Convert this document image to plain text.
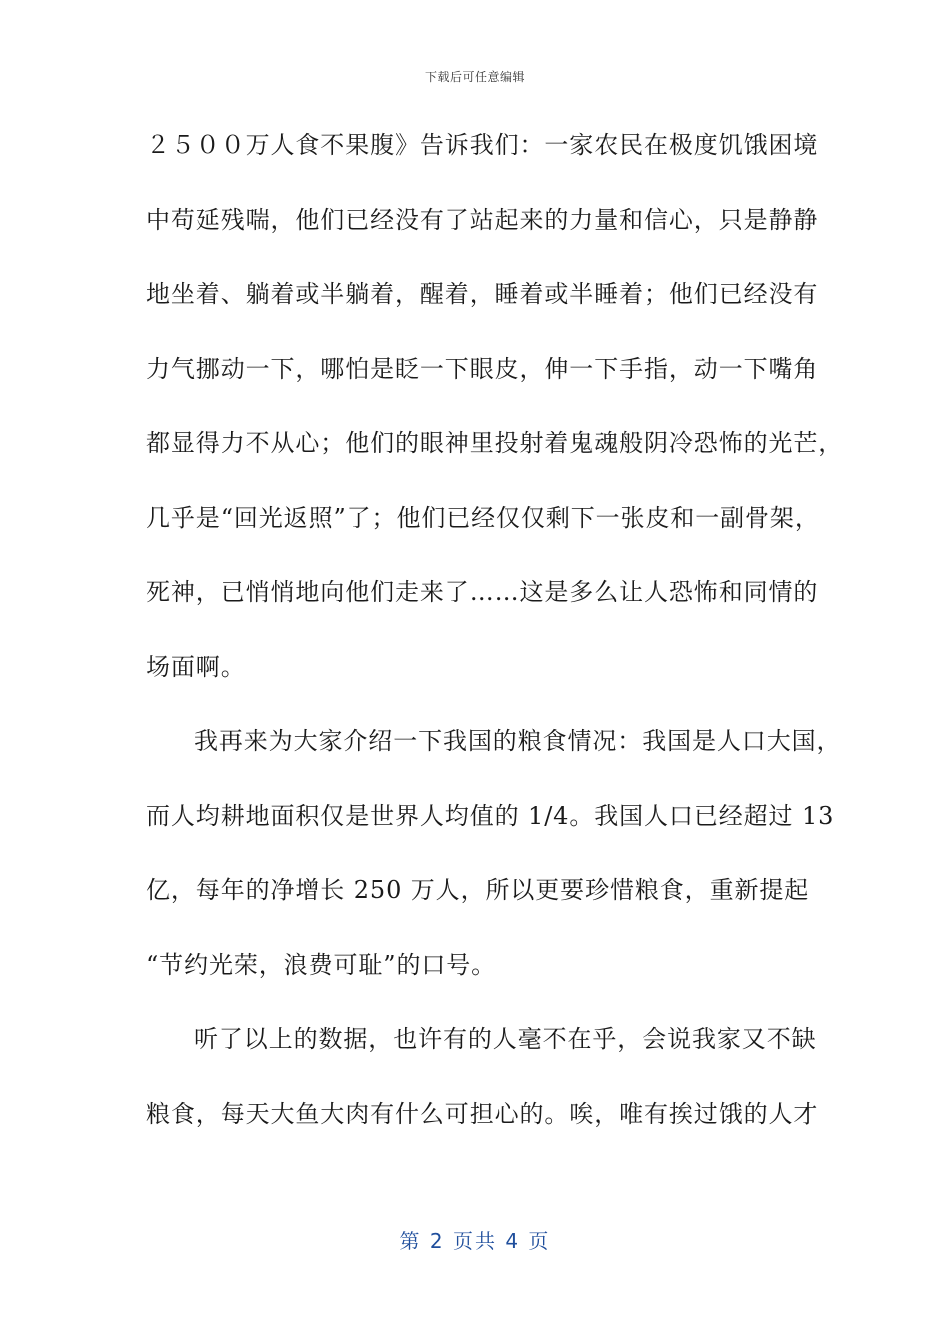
下载后可任意编辑
２５００万人食不果腹》告诉我们：一家农民在极度饥饿困境
中苟延残喘，他们已经没有了站起来的力量和信心，只是静静
地坐着、躺着或半躺着，醒着，睡着或半睡着；他们已经没有
力气挪动一下，哪怕是眨一下眼皮，伸一下手指，动一下嘴角
都显得力不从心；他们的眼神里投射着鬼魂般阴冷恐怖的光芒，
几乎是“回光返照”了；他们已经仅仅剩下一张皮和一副骨架，
死神，已悄悄地向他们走来了……这是多么让人恐怖和同情的
场面啊。
我再来为大家介绍一下我国的粮食情况：我国是人口大国，
而人均耕地面积仅是世界人均值的 1/4。我国人口已经超过 13
亿，每年的净增长 250 万人，所以更要珍惜粮食，重新提起
“节约光荣，浪费可耻”的口号。
听了以上的数据，也许有的人毫不在乎，会说我家又不缺
粮食，每天大鱼大肉有什么可担心的。唉，唯有挨过饿的人才
第 2 页共 4 页
